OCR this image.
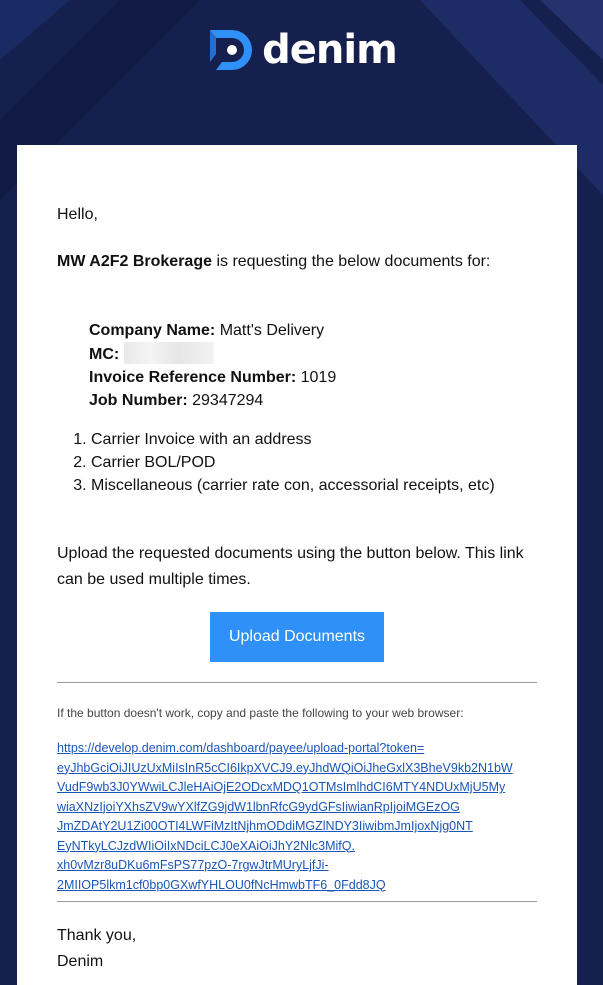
denim
Hello,
MW A2F2 Brokerage is requesting the below documents for:
Company Name: Matt's Delivery
MC:
Invoice Reference Number: 1019
Job Number: 29347294
1. Carrier Invoice with an address
2. Carrier BOL/POD
3. Miscellaneous (carrier rate con, accessorial receipts, etc)
Upload the requested documents using the button below. This link can be used multiple times.
Upload Documents
If the button doesn't work, copy and paste the following to your web browser:
https://develop.denim.com/dashboard/payee/upload-portal?token=
eyJhbGciOiJIUzUxMiIsInR5cCI6IkpXVCJ9.eyJhdWQiOiJheGxlX3BheV9kb2N1bW
VudF9wb3J0YWwiLCJleHAiOjE2ODcxMDQ1OTMsImlhdCI6MTY4NDUxMjU5My
wiaXNzIjoiYXhsZV9wYXlfZG9jdW1lbnRfcG9ydGFsIiwianRpIjoiMGEzOG
JmZDAtY2U1Zi00OTI4LWFiMzItNjhmODdiMGZlNDY3IiwibmJmIjoxNjg0NT
EyNTkyLCJzdWIiOiIxNDciLCJ0eXAiOiJhY2Nlc3MifQ.
xh0vMzr8uDKu6mFsPS77pzO-7rgwJtrMUryLjfJi-
2MIIOP5lkm1cf0bp0GXwfYHLOU0fNcHmwbTF6_0Fdd8JQ
Thank you,
Denim
